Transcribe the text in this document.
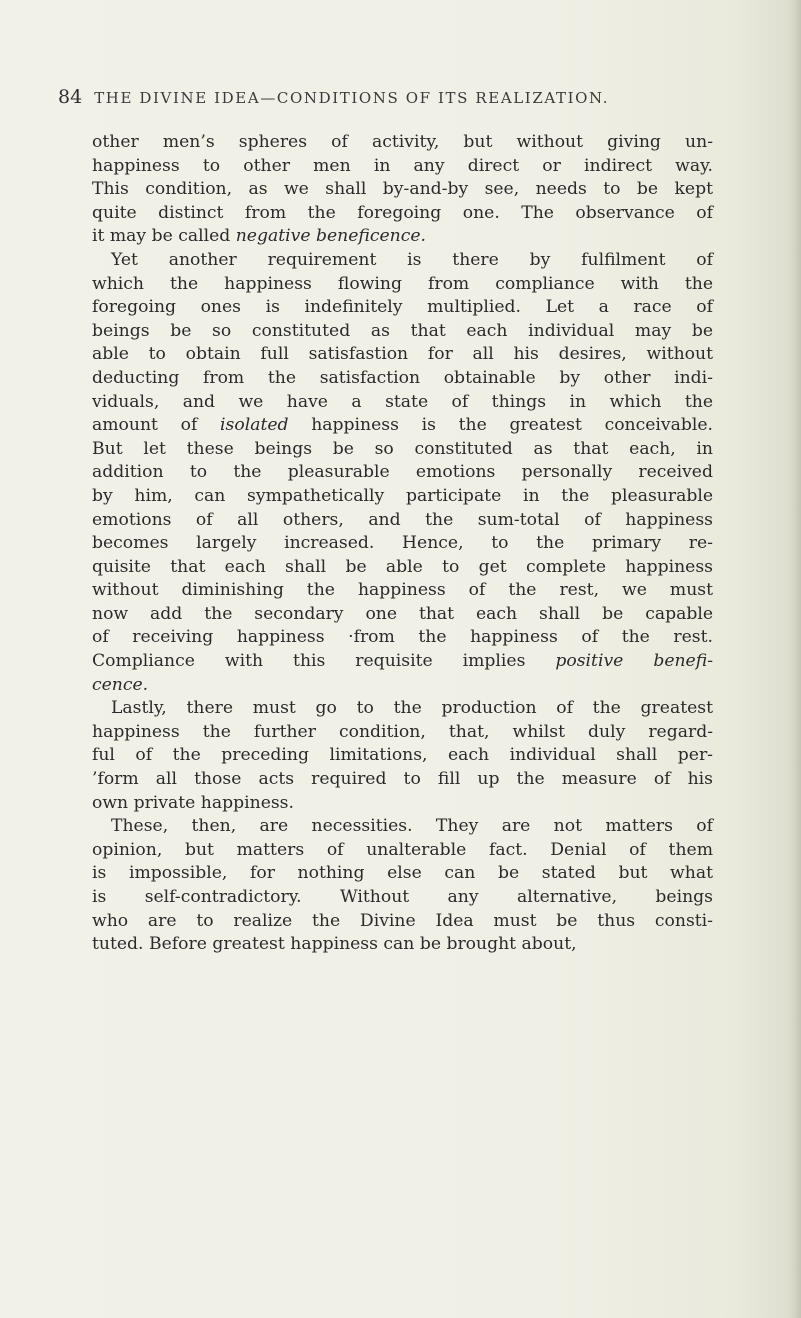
84 THE DIVINE IDEA—CONDITIONS OF ITS REALIZATION.
other men’s spheres of activity, but without giving un-
happiness to other men in any direct or indirect way.
This condition, as we shall by-and-by see, needs to be kept
quite distinct from the foregoing one. The observance of
it may be called negative beneficence.
Yet another requirement is there by fulfilment of
which the happiness flowing from compliance with the
foregoing ones is indefinitely multiplied. Let a race of
beings be so constituted as that each individual may be
able to obtain full satisfastion for all his desires, without
deducting from the satisfaction obtainable by other indi-
viduals, and we have a state of things in which the
amount of isolated happiness is the greatest conceivable.
But let these beings be so constituted as that each, in
addition to the pleasurable emotions personally received
by him, can sympathetically participate in the pleasurable
emotions of all others, and the sum-total of happiness
becomes largely increased. Hence, to the primary re-
quisite that each shall be able to get complete happiness
without diminishing the happiness of the rest, we must
now add the secondary one that each shall be capable
of receiving happiness ·from the happiness of the rest.
Compliance with this requisite implies positive benefi-
cence.
Lastly, there must go to the production of the greatest
happiness the further condition, that, whilst duly regard-
ful of the preceding limitations, each individual shall per-
’form all those acts required to fill up the measure of his
own private happiness.
These, then, are necessities. They are not matters of
opinion, but matters of unalterable fact. Denial of them
is impossible, for nothing else can be stated but what
is self-contradictory. Without any alternative, beings
who are to realize the Divine Idea must be thus consti-
tuted. Before greatest happiness can be brought about,
